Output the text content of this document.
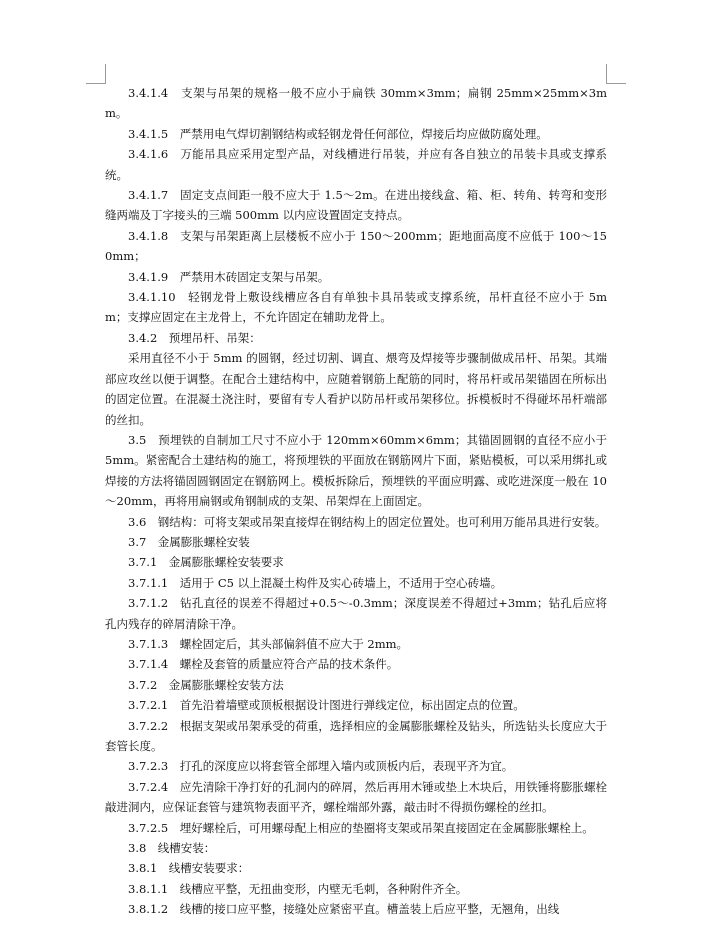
3.4.1.4　支架与吊架的规格一般不应小于扁铁 30mm×3mm；扁钢 25mm×25mm×3mm。

3.4.1.5　严禁用电气焊切割钢结构或轻钢龙骨任何部位，焊接后均应做防腐处理。

3.4.1.6　万能吊具应采用定型产品，对线槽进行吊装，并应有各自独立的吊装卡具或支撑系统。

3.4.1.7　固定支点间距一般不应大于 1.5～2m。在进出接线盒、箱、柜、转角、转弯和变形缝两端及丁字接头的三端 500mm 以内应设置固定支持点。

3.4.1.8　支架与吊架距离上层楼板不应小于 150～200mm；距地面高度不应低于 100～150mm；

3.4.1.9　严禁用木砖固定支架与吊架。

3.4.1.10　轻钢龙骨上敷设线槽应各自有单独卡具吊装或支撑系统，吊杆直径不应小于 5mm；支撑应固定在主龙骨上，不允许固定在辅助龙骨上。

3.4.2　预埋吊杆、吊架：

采用直径不小于 5mm 的圆钢，经过切割、调直、煨弯及焊接等步骤制做成吊杆、吊架。其端部应攻丝以便于调整。在配合土建结构中，应随着钢筋上配筋的同时，将吊杆或吊架锚固在所标出的固定位置。在混凝土浇注时，要留有专人看护以防吊杆或吊架移位。拆模板时不得碰坏吊杆端部的丝扣。

3.5　预埋铁的自制加工尺寸不应小于 120mm×60mm×6mm；其锚固圆钢的直径不应小于 5mm。紧密配合土建结构的施工，将预埋铁的平面放在钢筋网片下面，紧贴模板，可以采用绑扎或焊接的方法将锚固圆钢固定在钢筋网上。模板拆除后，预埋铁的平面应明露、或吃进深度一般在 10～20mm，再将用扁钢或角钢制成的支架、吊架焊在上面固定。

3.6　钢结构：可将支架或吊架直接焊在钢结构上的固定位置处。也可利用万能吊具进行安装。

3.7　金属膨胀螺栓安装

3.7.1　金属膨胀螺栓安装要求

3.7.1.1　适用于 C5 以上混凝土构件及实心砖墙上，不适用于空心砖墙。

3.7.1.2　钻孔直径的误差不得超过+0.5～-0.3mm；深度误差不得超过+3mm；钻孔后应将孔内残存的碎屑清除干净。

3.7.1.3　螺栓固定后，其头部偏斜值不应大于 2mm。

3.7.1.4　螺栓及套管的质量应符合产品的技术条件。

3.7.2　金属膨胀螺栓安装方法

3.7.2.1　首先沿着墙壁或顶板根据设计图进行弹线定位，标出固定点的位置。

3.7.2.2　根据支架或吊架承受的荷重，选择相应的金属膨胀螺栓及钻头，所选钻头长度应大于套管长度。

3.7.2.3　打孔的深度应以将套管全部埋入墙内或顶板内后，表现平齐为宜。

3.7.2.4　应先清除干净打好的孔洞内的碎屑，然后再用木锤或垫上木块后，用铁锤将膨胀螺栓敲进洞内，应保证套管与建筑物表面平齐，螺栓端部外露，敲击时不得损伤螺栓的丝扣。

3.7.2.5　埋好螺栓后，可用螺母配上相应的垫圈将支架或吊架直接固定在金属膨胀螺栓上。

3.8　线槽安装：

3.8.1　线槽安装要求：

3.8.1.1　线槽应平整，无扭曲变形，内壁无毛刺，各种附件齐全。

3.8.1.2　线槽的接口应平整，接缝处应紧密平直。槽盖装上后应平整，无翘角，出线
